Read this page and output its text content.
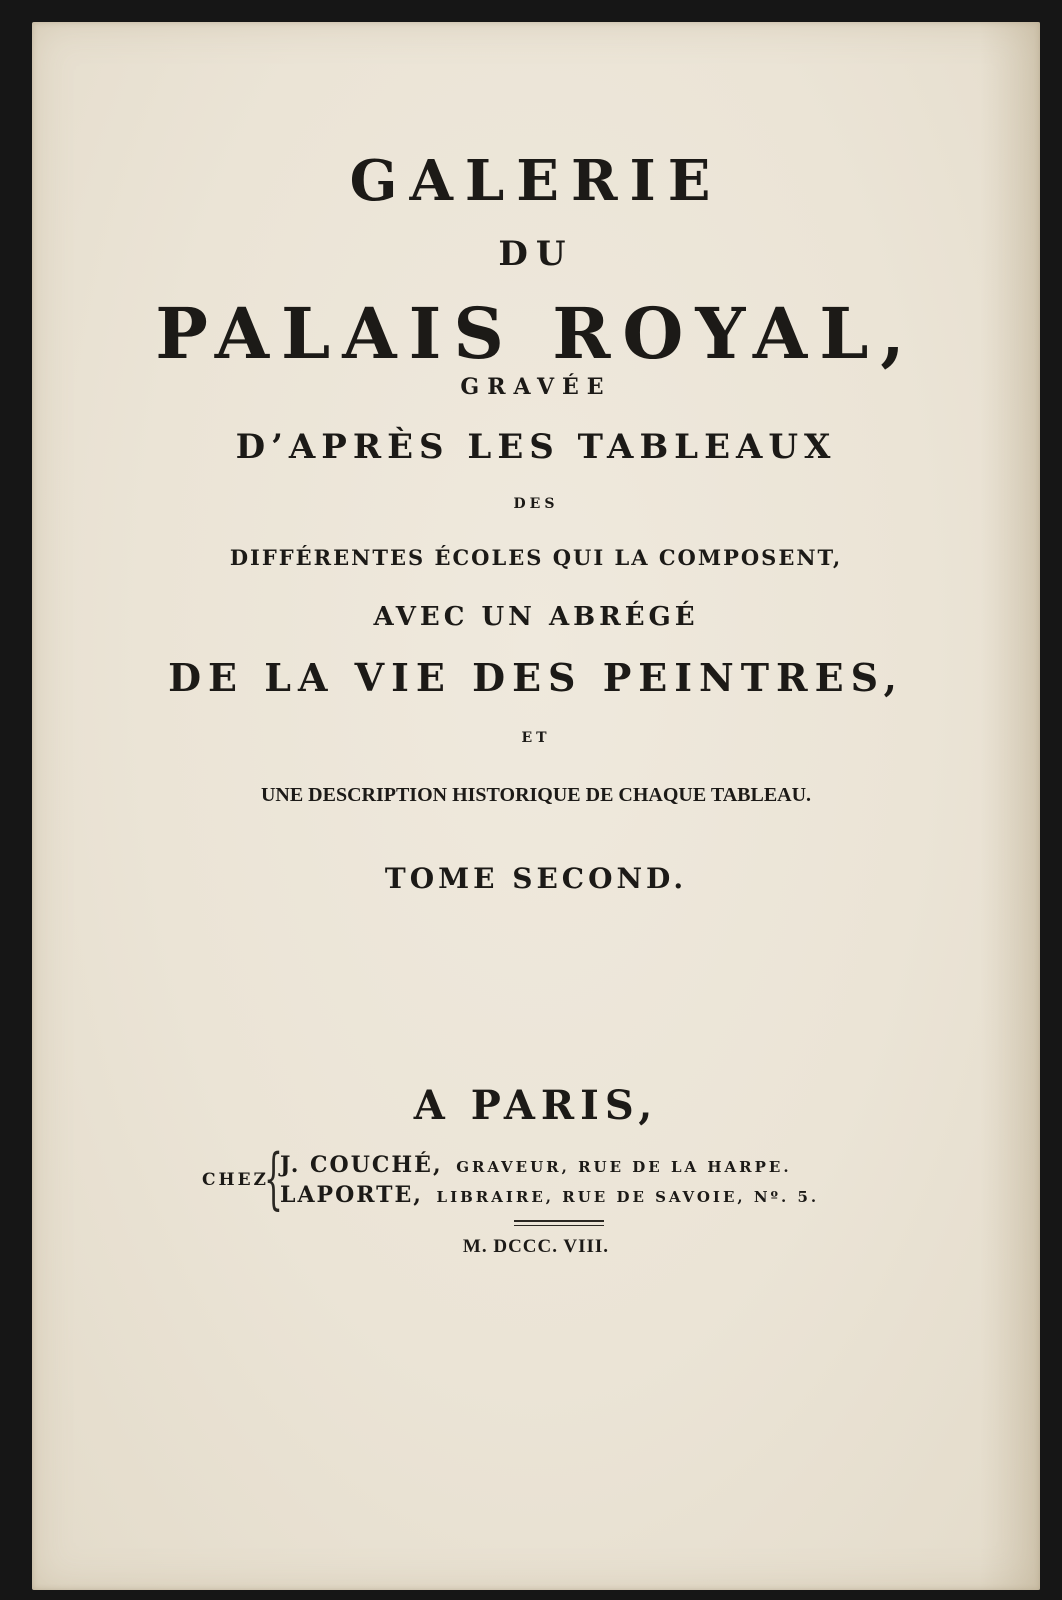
GALERIE
DU
PALAIS ROYAL,
GRAVÉE
D’APRÈS LES TABLEAUX
DES
DIFFÉRENTES ÉCOLES QUI LA COMPOSENT,
AVEC UN ABRÉGÉ
DE LA VIE DES PEINTRES,
ET
UNE DESCRIPTION HISTORIQUE DE CHAQUE TABLEAU.
TOME SECOND.
A PARIS,
CHEZ
{
J. COUCHÉ, GRAVEUR, RUE DE LA HARPE.
LAPORTE, LIBRAIRE, RUE DE SAVOIE, Nº. 5.
M. DCCC. VIII.
